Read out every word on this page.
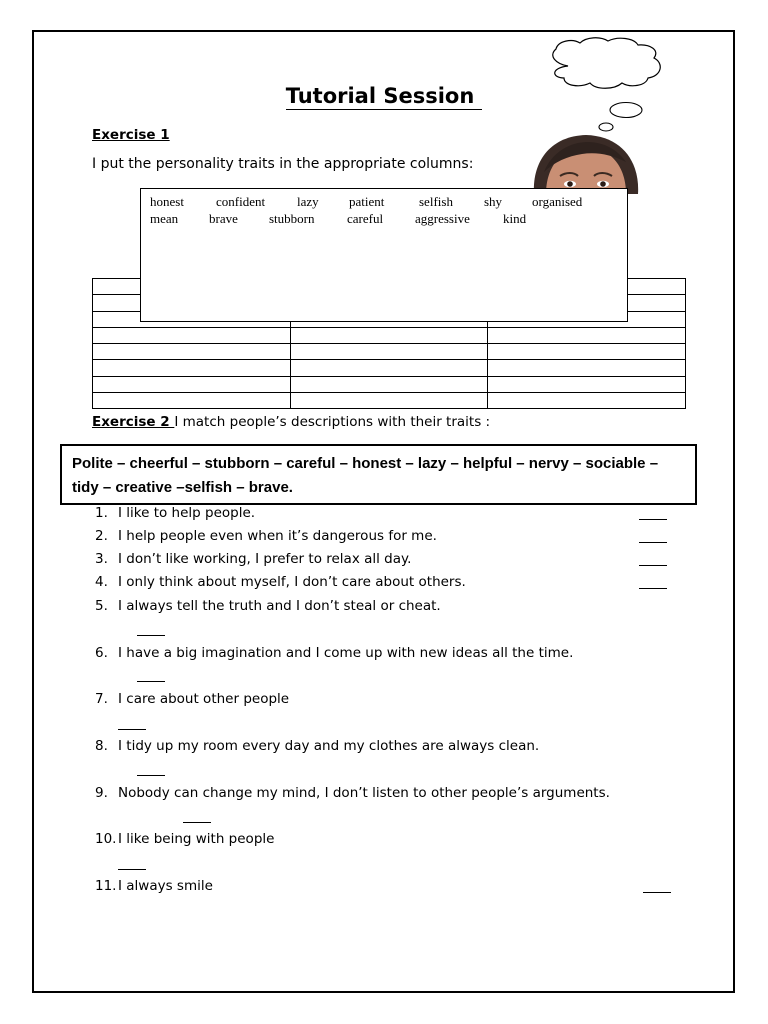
Tutorial Session
Exercise 1
I put the personality traits in the appropriate columns:
honest	confident	lazy	patient	selfish	shy	organised
mean	brave	stubborn	careful	aggressive	kind

Exercise 2 I match people’s descriptions with their traits :
Polite – cheerful – stubborn – careful – honest – lazy – helpful – nervy – sociable –
tidy – creative –selfish – brave.
1. I like to help people.
2. I help people even when it’s dangerous for me.
3. I don’t like working, I prefer to relax all day.
4. I only think about myself, I don’t care about others.
5. I always tell the truth and I don’t steal or cheat.
6. I have a big imagination and I come up with new ideas all the time.
7. I care about other people
8. I tidy up my room every day and my clothes are always clean.
9. Nobody can change my mind, I don’t listen to other people’s arguments.
10. I like being with people
11. I always smile
